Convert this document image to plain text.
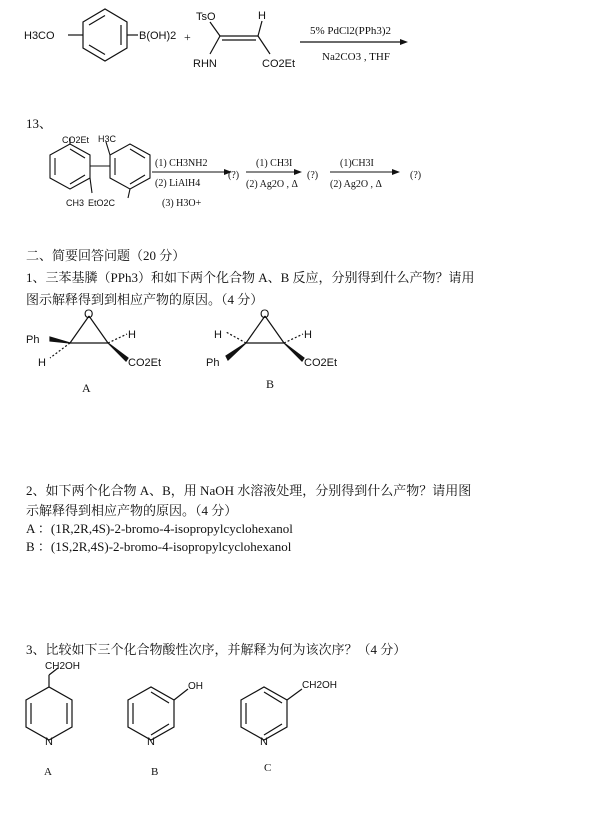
H3CO	B(OH)2 +
TsO	H
RHN	CO2Et
5% PdCl2(PPh3)2
Na2CO3 , THF
13、
CO2Et H3C
CH3 EtO2C
(1) CH3NH2
(2) LiAlH4
(3) H3O+
(?)
(1) CH3I
(2) Ag2O , Δ
(?)
(1)CH3I
(2) Ag2O , Δ
(?)
二、简要回答问题（20 分）
1、三苯基膦（PPh3）和如下两个化合物 A、B 反应，分别得到什么产物？请用
图示解释得到到相应产物的原因。（4 分）
O
Ph
H
H
CO2Et
A
O
H
Ph
H
CO2Et
B
2、如下两个化合物 A、B，用 NaOH 水溶液处理，分别得到什么产物？请用图
示解释得到相应产物的原因。（4 分）
A ：(1R,2R,4S)-2-bromo-4-isopropylcyclohexanol
B ：(1S,2R,4S)-2-bromo-4-isopropylcyclohexanol
3、比较如下三个化合物酸性次序，并解释为何为该次序？（4 分）
CH2OH
N
A
OH
N
B
CH2OH
N
C
